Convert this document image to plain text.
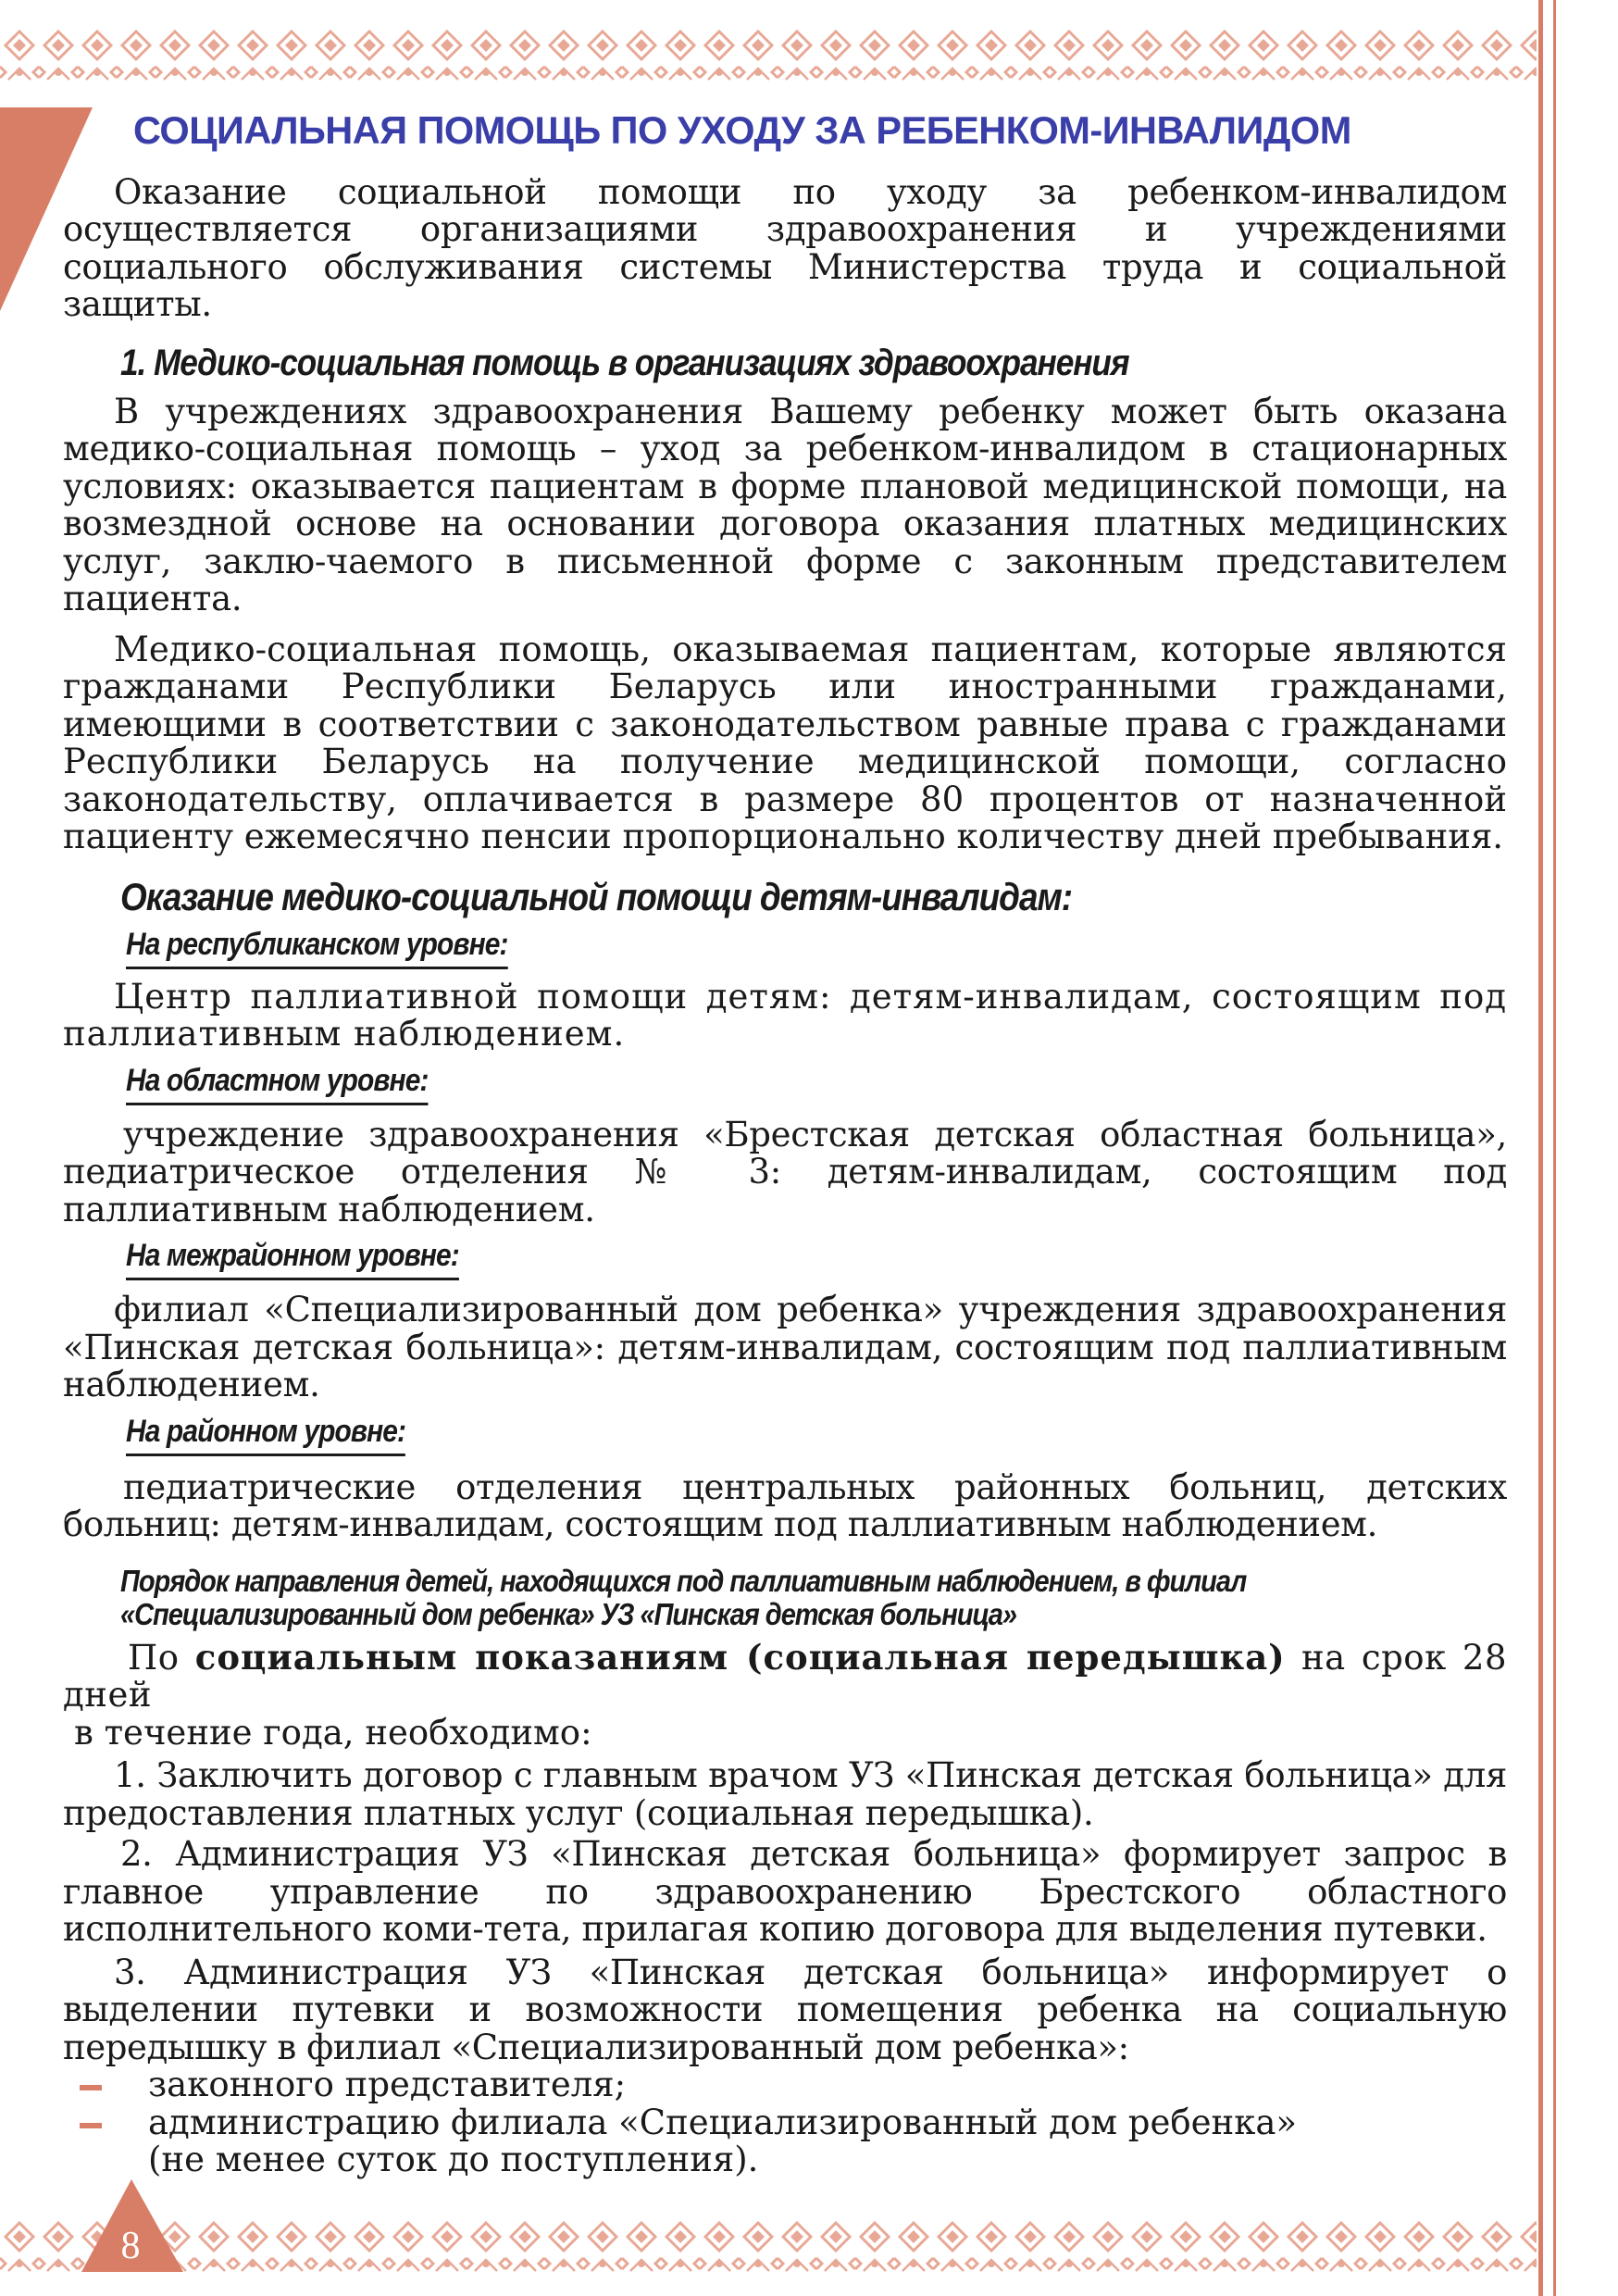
8
СОЦИАЛЬНАЯ ПОМОЩЬ ПО УХОДУ ЗА РЕБЕНКОМ-ИНВАЛИДОМ

Оказание социальной помощи по уходу за ребенком-инвалидом осуществляется организациями здравоохранения и учреждениями социального обслуживания системы Министерства труда и социальной защиты.

1. Медико-социальная помощь в организациях здравоохранения

В учреждениях здравоохранения Вашему ребенку может быть оказана медико-социальная помощь – уход за ребенком-инвалидом в стационарных условиях: оказывается пациентам в форме плановой медицинской помощи, на возмездной основе на основании договора оказания платных медицинских услуг, заклю-чаемого в письменной форме с законным представителем пациента.

Медико-социальная помощь, оказываемая пациентам, которые являются гражданами Республики Беларусь или иностранными гражданами, имеющими в соответствии с законодательством равные права с гражданами Республики Беларусь на получение медицинской помощи, согласно законодательству, оплачивается в размере 80 процентов от назначенной пациенту ежемесячно пенсии пропорционально количеству дней пребывания.

Оказание медико-социальной помощи детям-инвалидам:
На республиканском уровне:

Центр паллиативной помощи детям: детям-инвалидам, состоящим под паллиативным наблюдением.

На областном уровне:

учреждение здравоохранения «Брестская детская областная больница», педиатрическое отделения № 3: детям-инвалидам, состоящим под паллиативным наблюдением.

На межрайонном уровне:

филиал «Специализированный дом ребенка» учреждения здравоохранения «Пинская детская больница»: детям-инвалидам, состоящим под паллиативным наблюдением.

На районном уровне:

педиатрические отделения центральных районных больниц, детских больниц: детям-инвалидам, состоящим под паллиативным наблюдением.

Порядок направления детей, находящихся под паллиативным наблюдением, в филиал
«Специализированный дом ребенка» УЗ «Пинская детская больница»

По социальным показаниям (социальная передышка) на срок 28 дней

в течение года, необходимо:

1. Заключить договор с главным врачом УЗ «Пинская детская больница» для предоставления платных услуг (социальная передышка).

2. Администрация УЗ «Пинская детская больница» формирует запрос в главное управление по здравоохранению Брестского областного исполнительного коми-тета, прилагая копию договора для выделения путевки.

3. Администрация УЗ «Пинская детская больница» информирует о выделении путевки и возможности помещения ребенка на социальную передышку в филиал «Специализированный дом ребенка»:

законного представителя;
администрацию филиала «Специализированный дом ребенка» (не менее суток до поступления).
